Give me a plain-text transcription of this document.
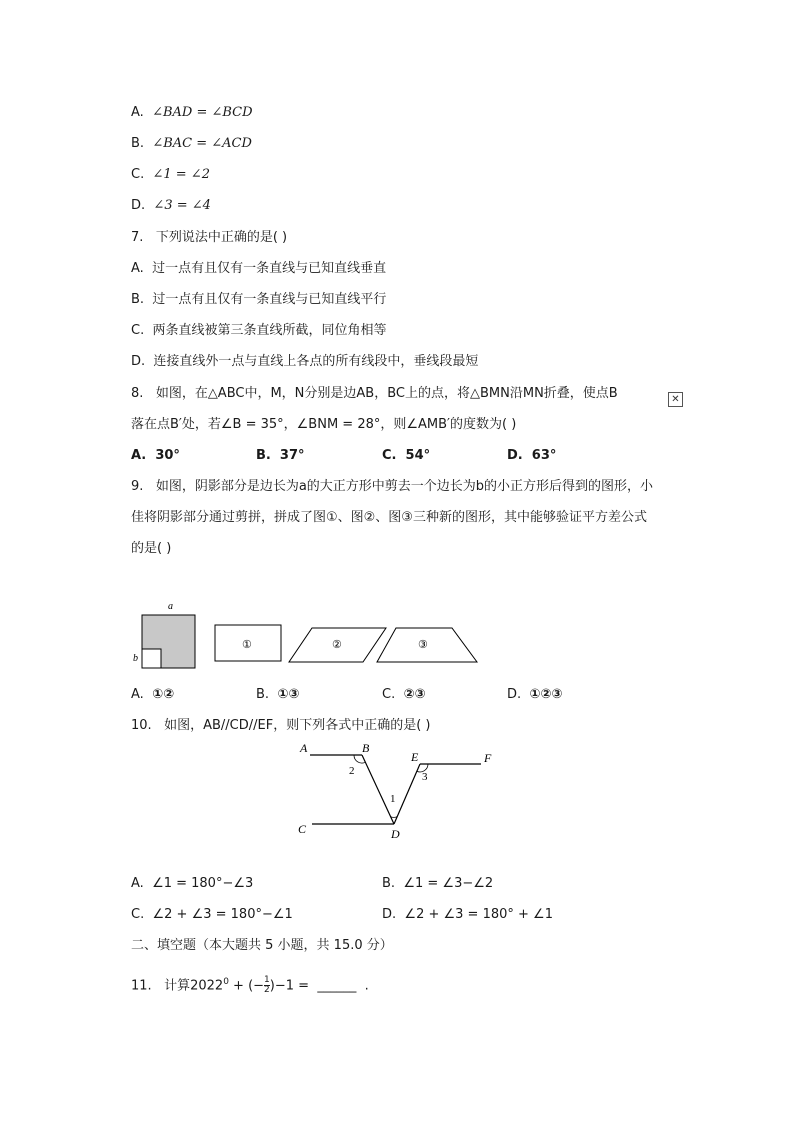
A. ∠BAD = ∠BCD
B. ∠BAC = ∠ACD
C. ∠1 = ∠2
D. ∠3 = ∠4
7. 下列说法中正确的是( )
A. 过一点有且仅有一条直线与已知直线垂直
B. 过一点有且仅有一条直线与已知直线平行
C. 两条直线被第三条直线所截，同位角相等
D. 连接直线外一点与直线上各点的所有线段中，垂线段最短
8. 如图，在△ABC中，M，N分别是边AB，BC上的点，将△BMN沿MN折叠，使点B	✕
落在点B′处，若∠B = 35°，∠BNM = 28°，则∠AMB′的度数为( )
A. 30°	B. 37°	C. 54°	D. 63°
9. 如图，阴影部分是边长为a的大正方形中剪去一个边长为b的小正方形后得到的图形，小
佳将阴影部分通过剪拼，拼成了图①、图②、图③三种新的图形，其中能够验证平方差公式
的是( )
a
b
①	②	③
A. ①②	B. ①③	C. ②③	D. ①②③
10. 如图，AB//CD//EF，则下列各式中正确的是( )
A	B
C	D
E	F
1
2	3
A. ∠1 = 180°−∠3	B. ∠1 = ∠3−∠2
C. ∠2 + ∠3 = 180°−∠1	D. ∠2 + ∠3 = 180° + ∠1
二、填空题（本大题共 5 小题，共 15.0 分）
11. 计算$2022^0$ + (− $\frac{1}{2} )-1$ = ______ .
